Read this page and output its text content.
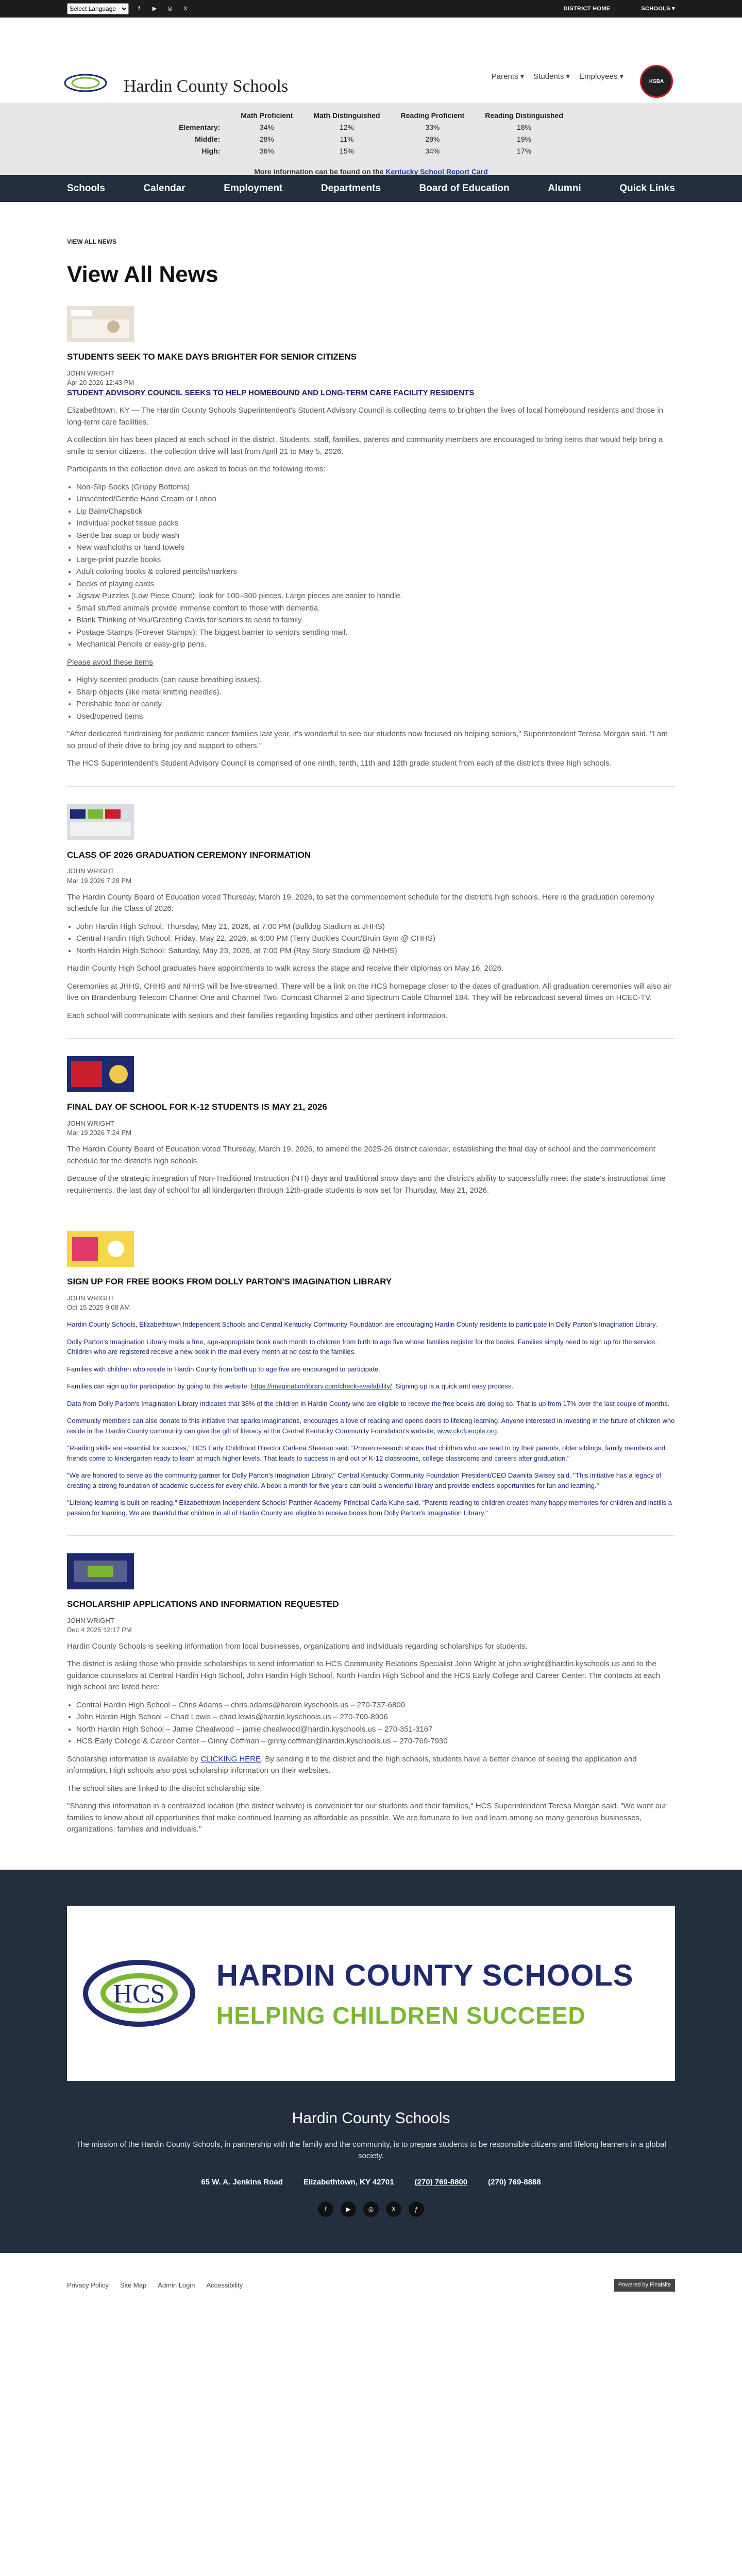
Select Language
f	▶	◎	X	DISTRICT HOME	SCHOOLS ▾
Hardin County Schools
Parents ▾ Students ▾ Employees ▾
KSBA
	Math Proficient	Math Distinguished	Reading Proficient	Reading Distinguished
Elementary:	34%	12%	33%	18%
Middle:	28%	11%	28%	19%
High:	36%	15%	34%	17%
More information can be found on the Kentucky School Report Card
Schools	Calendar	Employment	Departments	Board of Education	Alumni	Quick Links
VIEW ALL NEWS
View All News
STUDENTS SEEK TO MAKE DAYS BRIGHTER FOR SENIOR CITIZENS
JOHN WRIGHT
Apr 20 2026 12:43 PM
STUDENT ADVISORY COUNCIL SEEKS TO HELP HOMEBOUND AND LONG-TERM CARE FACILITY RESIDENTS

Elizabethtown, KY — The Hardin County Schools Superintendent's Student Advisory Council is collecting items to brighten the lives of local homebound residents and those in long-term care facilities.

A collection bin has been placed at each school in the district. Students, staff, families, parents and community members are encouraged to bring items that would help bring a smile to senior citizens. The collection drive will last from April 21 to May 5, 2026.

Participants in the collection drive are asked to focus on the following items:

• Non-Slip Socks (Grippy Bottoms)
• Unscented/Gentle Hand Cream or Lotion
• Lip Balm/Chapstick
• Individual pocket tissue packs
• Gentle bar soap or body wash
• New washcloths or hand towels
• Large-print puzzle books
• Adult coloring books & colored pencils/markers
• Decks of playing cards
• Jigsaw Puzzles (Low Piece Count): look for 100–300 pieces. Large pieces are easier to handle.
• Small stuffed animals provide immense comfort to those with dementia.
• Blank Thinking of You/Greeting Cards for seniors to send to family.
• Postage Stamps (Forever Stamps): The biggest barrier to seniors sending mail.
• Mechanical Pencils or easy-grip pens.

Please avoid these items

• Highly scented products (can cause breathing issues).
• Sharp objects (like metal knitting needles).
• Perishable food or candy.
• Used/opened items.

"After dedicated fundraising for pediatric cancer families last year, it's wonderful to see our students now focused on helping seniors," Superintendent Teresa Morgan said. "I am so proud of their drive to bring joy and support to others."

The HCS Superintendent's Student Advisory Council is comprised of one ninth, tenth, 11th and 12th grade student from each of the district's three high schools.

CLASS OF 2026 GRADUATION CEREMONY INFORMATION
JOHN WRIGHT
Mar 19 2026 7:28 PM

The Hardin County Board of Education voted Thursday, March 19, 2026, to set the commencement schedule for the district's high schools. Here is the graduation ceremony schedule for the Class of 2026:

• John Hardin High School: Thursday, May 21, 2026, at 7:00 PM (Bulldog Stadium at JHHS)
• Central Hardin High School: Friday, May 22, 2026, at 6:00 PM (Terry Buckles Court/Bruin Gym @ CHHS)
• North Hardin High School: Saturday, May 23, 2026, at 7:00 PM (Ray Story Stadium @ NHHS)

Hardin County High School graduates have appointments to walk across the stage and receive their diplomas on May 16, 2026.

Ceremonies at JHHS, CHHS and NHHS will be live-streamed. There will be a link on the HCS homepage closer to the dates of graduation. All graduation ceremonies will also air live on Brandenburg Telecom Channel One and Channel Two. Comcast Channel 2 and Spectrum Cable Channel 184. They will be rebroadcast several times on HCEC-TV.

Each school will communicate with seniors and their families regarding logistics and other pertinent information.

FINAL DAY OF SCHOOL FOR K-12 STUDENTS IS MAY 21, 2026
JOHN WRIGHT
Mar 19 2026 7:24 PM

The Hardin County Board of Education voted Thursday, March 19, 2026, to amend the 2025-26 district calendar, establishing the final day of school and the commencement schedule for the district's high schools.

Because of the strategic integration of Non-Traditional Instruction (NTI) days and traditional snow days and the district's ability to successfully meet the state's instructional time requirements, the last day of school for all kindergarten through 12th-grade students is now set for Thursday, May 21, 2026.

SIGN UP FOR FREE BOOKS FROM DOLLY PARTON'S IMAGINATION LIBRARY
JOHN WRIGHT
Oct 15 2025 9:08 AM

Hardin County Schools, Elizabethtown Independent Schools and Central Kentucky Community Foundation are encouraging Hardin County residents to participate in Dolly Parton's Imagination Library.

Dolly Parton's Imagination Library mails a free, age-appropriate book each month to children from birth to age five whose families register for the books. Families simply need to sign up for the service. Children who are registered receive a new book in the mail every month at no cost to the families.

Families with children who reside in Hardin County from birth up to age five are encouraged to participate.

Families can sign up for participation by going to this website: https://imaginationlibrary.com/check-availability/. Signing up is a quick and easy process.

Data from Dolly Parton's Imagination Library indicates that 38% of the children in Hardin County who are eligible to receive the free books are doing so. That is up from 17% over the last couple of months.

Community members can also donate to this initiative that sparks imaginations, encourages a love of reading and opens doors to lifelong learning. Anyone interested in investing in the future of children who reside in the Hardin County community can give the gift of literacy at the Central Kentucky Community Foundation's website, www.ckcfpeople.org.

"Reading skills are essential for success," HCS Early Childhood Director Carlena Sheeran said. "Proven research shows that children who are read to by their parents, older siblings, family members and friends come to kindergarten ready to learn at much higher levels. That leads to success in and out of K-12 classrooms, college classrooms and careers after graduation."

"We are honored to serve as the community partner for Dolly Parton's Imagination Library," Central Kentucky Community Foundation President/CEO Dawnita Swisey said. "This initiative has a legacy of creating a strong foundation of academic success for every child. A book a month for five years can build a wonderful library and provide endless opportunities for fun and learning."

"Lifelong learning is built on reading," Elizabethtown Independent Schools' Panther Academy Principal Carla Kuhn said. "Parents reading to children creates many happy memories for children and instills a passion for learning. We are thankful that children in all of Hardin County are eligible to receive books from Dolly Parton's Imagination Library."

SCHOLARSHIP APPLICATIONS AND INFORMATION REQUESTED
JOHN WRIGHT
Dec 4 2025 12:17 PM

Hardin County Schools is seeking information from local businesses, organizations and individuals regarding scholarships for students.

The district is asking those who provide scholarships to send information to HCS Community Relations Specialist John Wright at john.wright@hardin.kyschools.us and to the guidance counselors at Central Hardin High School, John Hardin High School, North Hardin High School and the HCS Early College and Career Center. The contacts at each high school are listed here:

• Central Hardin High School – Chris Adams – chris.adams@hardin.kyschools.us – 270-737-6800
• John Hardin High School – Chad Lewis – chad.lewis@hardin.kyschools.us – 270-769-8906
• North Hardin High School – Jamie Chealwood – jamie.chealwood@hardin.kyschools.us – 270-351-3167
• HCS Early College & Career Center – Ginny Coffman – ginny.coffman@hardin.kyschools.us – 270-769-7930

Scholarship information is available by CLICKING HERE. By sending it to the district and the high schools, students have a better chance of seeing the application and information. High schools also post scholarship information on their websites.

The school sites are linked to the district scholarship site.

"Sharing this information in a centralized location (the district website) is convenient for our students and their families," HCS Superintendent Teresa Morgan said. "We want our families to know about all opportunities that make continued learning as affordable as possible. We are fortunate to live and learn among so many generous businesses, organizations, families and individuals."

HCS
HARDIN COUNTY SCHOOLS
HELPING CHILDREN SUCCEED
Hardin County Schools
The mission of the Hardin County Schools, in partnership with the family and the community, is to prepare students to be responsible citizens and lifelong learners in a global society.
65 W. A. Jenkins Road	Elizabethtown, KY 42701	(270) 769-8800	(270) 769-8888
f	▶	◎	X	ƒ
Privacy Policy Site Map Admin Login Accessibility	Powered by Finalsite
